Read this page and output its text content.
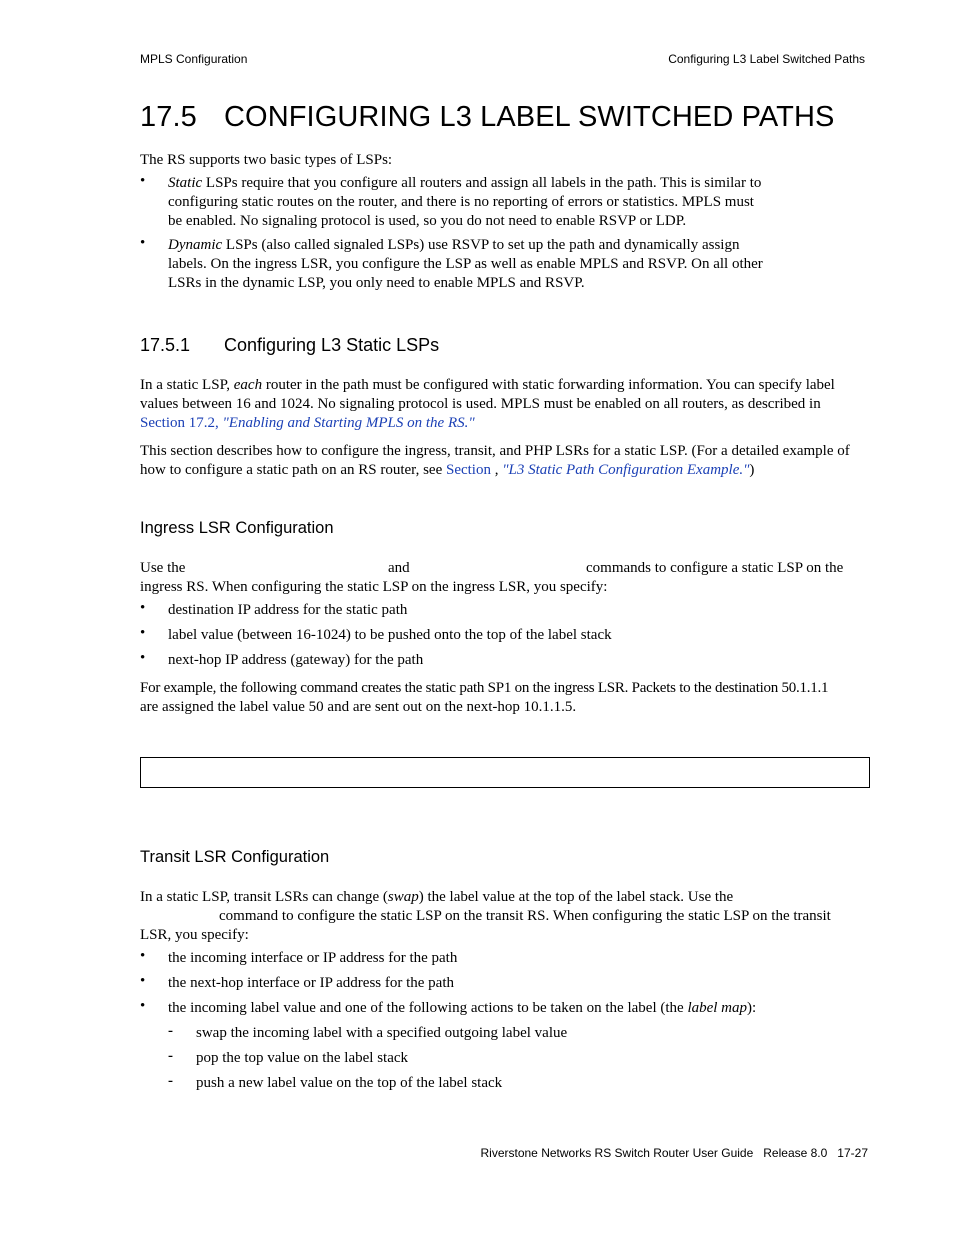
MPLS Configuration	Configuring L3 Label Switched Paths
17.5 CONFIGURING L3 LABEL SWITCHED PATHS
The RS supports two basic types of LSPs:
• Static LSPs require that you configure all routers and assign all labels in the path. This is similar to
configuring static routes on the router, and there is no reporting of errors or statistics. MPLS must
be enabled. No signaling protocol is used, so you do not need to enable RSVP or LDP.
• Dynamic LSPs (also called signaled LSPs) use RSVP to set up the path and dynamically assign
labels. On the ingress LSR, you configure the LSP as well as enable MPLS and RSVP. On all other
LSRs in the dynamic LSP, you only need to enable MPLS and RSVP.
17.5.1 Configuring L3 Static LSPs
In a static LSP, each router in the path must be configured with static forwarding information. You can specify label
values between 16 and 1024. No signaling protocol is used. MPLS must be enabled on all routers, as described in
Section 17.2, "Enabling and Starting MPLS on the RS."
This section describes how to configure the ingress, transit, and PHP LSRs for a static LSP. (For a detailed example of
how to configure a static path on an RS router, see Section , "L3 Static Path Configuration Example.")
Ingress LSR Configuration
Use the	and	commands to configure a static LSP on the
ingress RS. When configuring the static LSP on the ingress LSR, you specify:
• destination IP address for the static path
• label value (between 16-1024) to be pushed onto the top of the label stack
• next-hop IP address (gateway) for the path
For example, the following command creates the static path SP1 on the ingress LSR. Packets to the destination 50.1.1.1
are assigned the label value 50 and are sent out on the next-hop 10.1.1.5.
Transit LSR Configuration
In a static LSP, transit LSRs can change (swap) the label value at the top of the label stack. Use the
command to configure the static LSP on the transit RS. When configuring the static LSP on the transit
LSR, you specify:
• the incoming interface or IP address for the path
• the next-hop interface or IP address for the path
• the incoming label value and one of the following actions to be taken on the label (the label map):
- swap the incoming label with a specified outgoing label value
- pop the top value on the label stack
- push a new label value on the top of the label stack
Riverstone Networks RS Switch Router User Guide   Release 8.0   17-27
